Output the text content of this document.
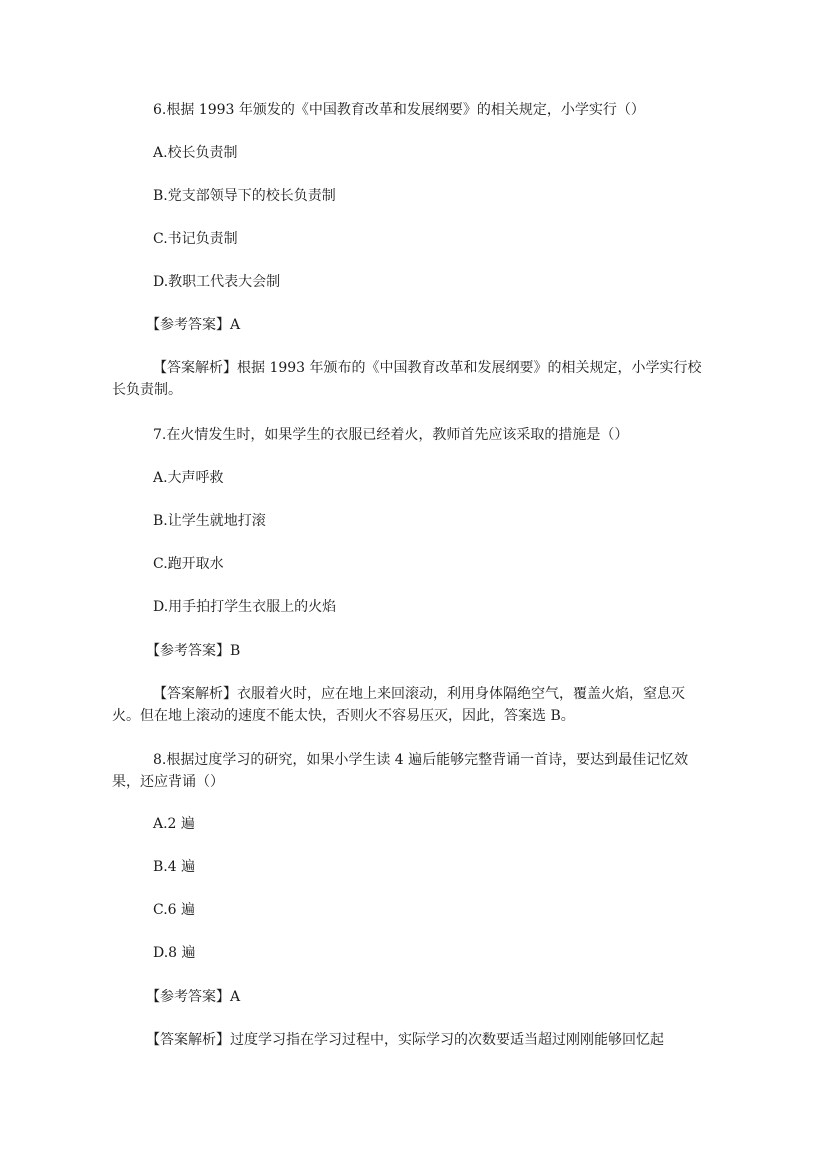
6.根据 1993 年颁发的《中国教育改革和发展纲要》的相关规定，小学实行（）
A.校长负责制
B.党支部领导下的校长负责制
C.书记负责制
D.教职工代表大会制
【参考答案】A
【答案解析】根据 1993 年颁布的《中国教育改革和发展纲要》的相关规定，小学实行校长负责制。
7.在火情发生时，如果学生的衣服已经着火，教师首先应该采取的措施是（）
A.大声呼救
B.让学生就地打滚
C.跑开取水
D.用手拍打学生衣服上的火焰
【参考答案】B
【答案解析】衣服着火时，应在地上来回滚动，利用身体隔绝空气，覆盖火焰，窒息灭火。但在地上滚动的速度不能太快，否则火不容易压灭，因此，答案选 B。
8.根据过度学习的研究，如果小学生读 4 遍后能够完整背诵一首诗，要达到最佳记忆效果，还应背诵（）
A.2 遍
B.4 遍
C.6 遍
D.8 遍
【参考答案】A
【答案解析】过度学习指在学习过程中，实际学习的次数要适当超过刚刚能够回忆起
